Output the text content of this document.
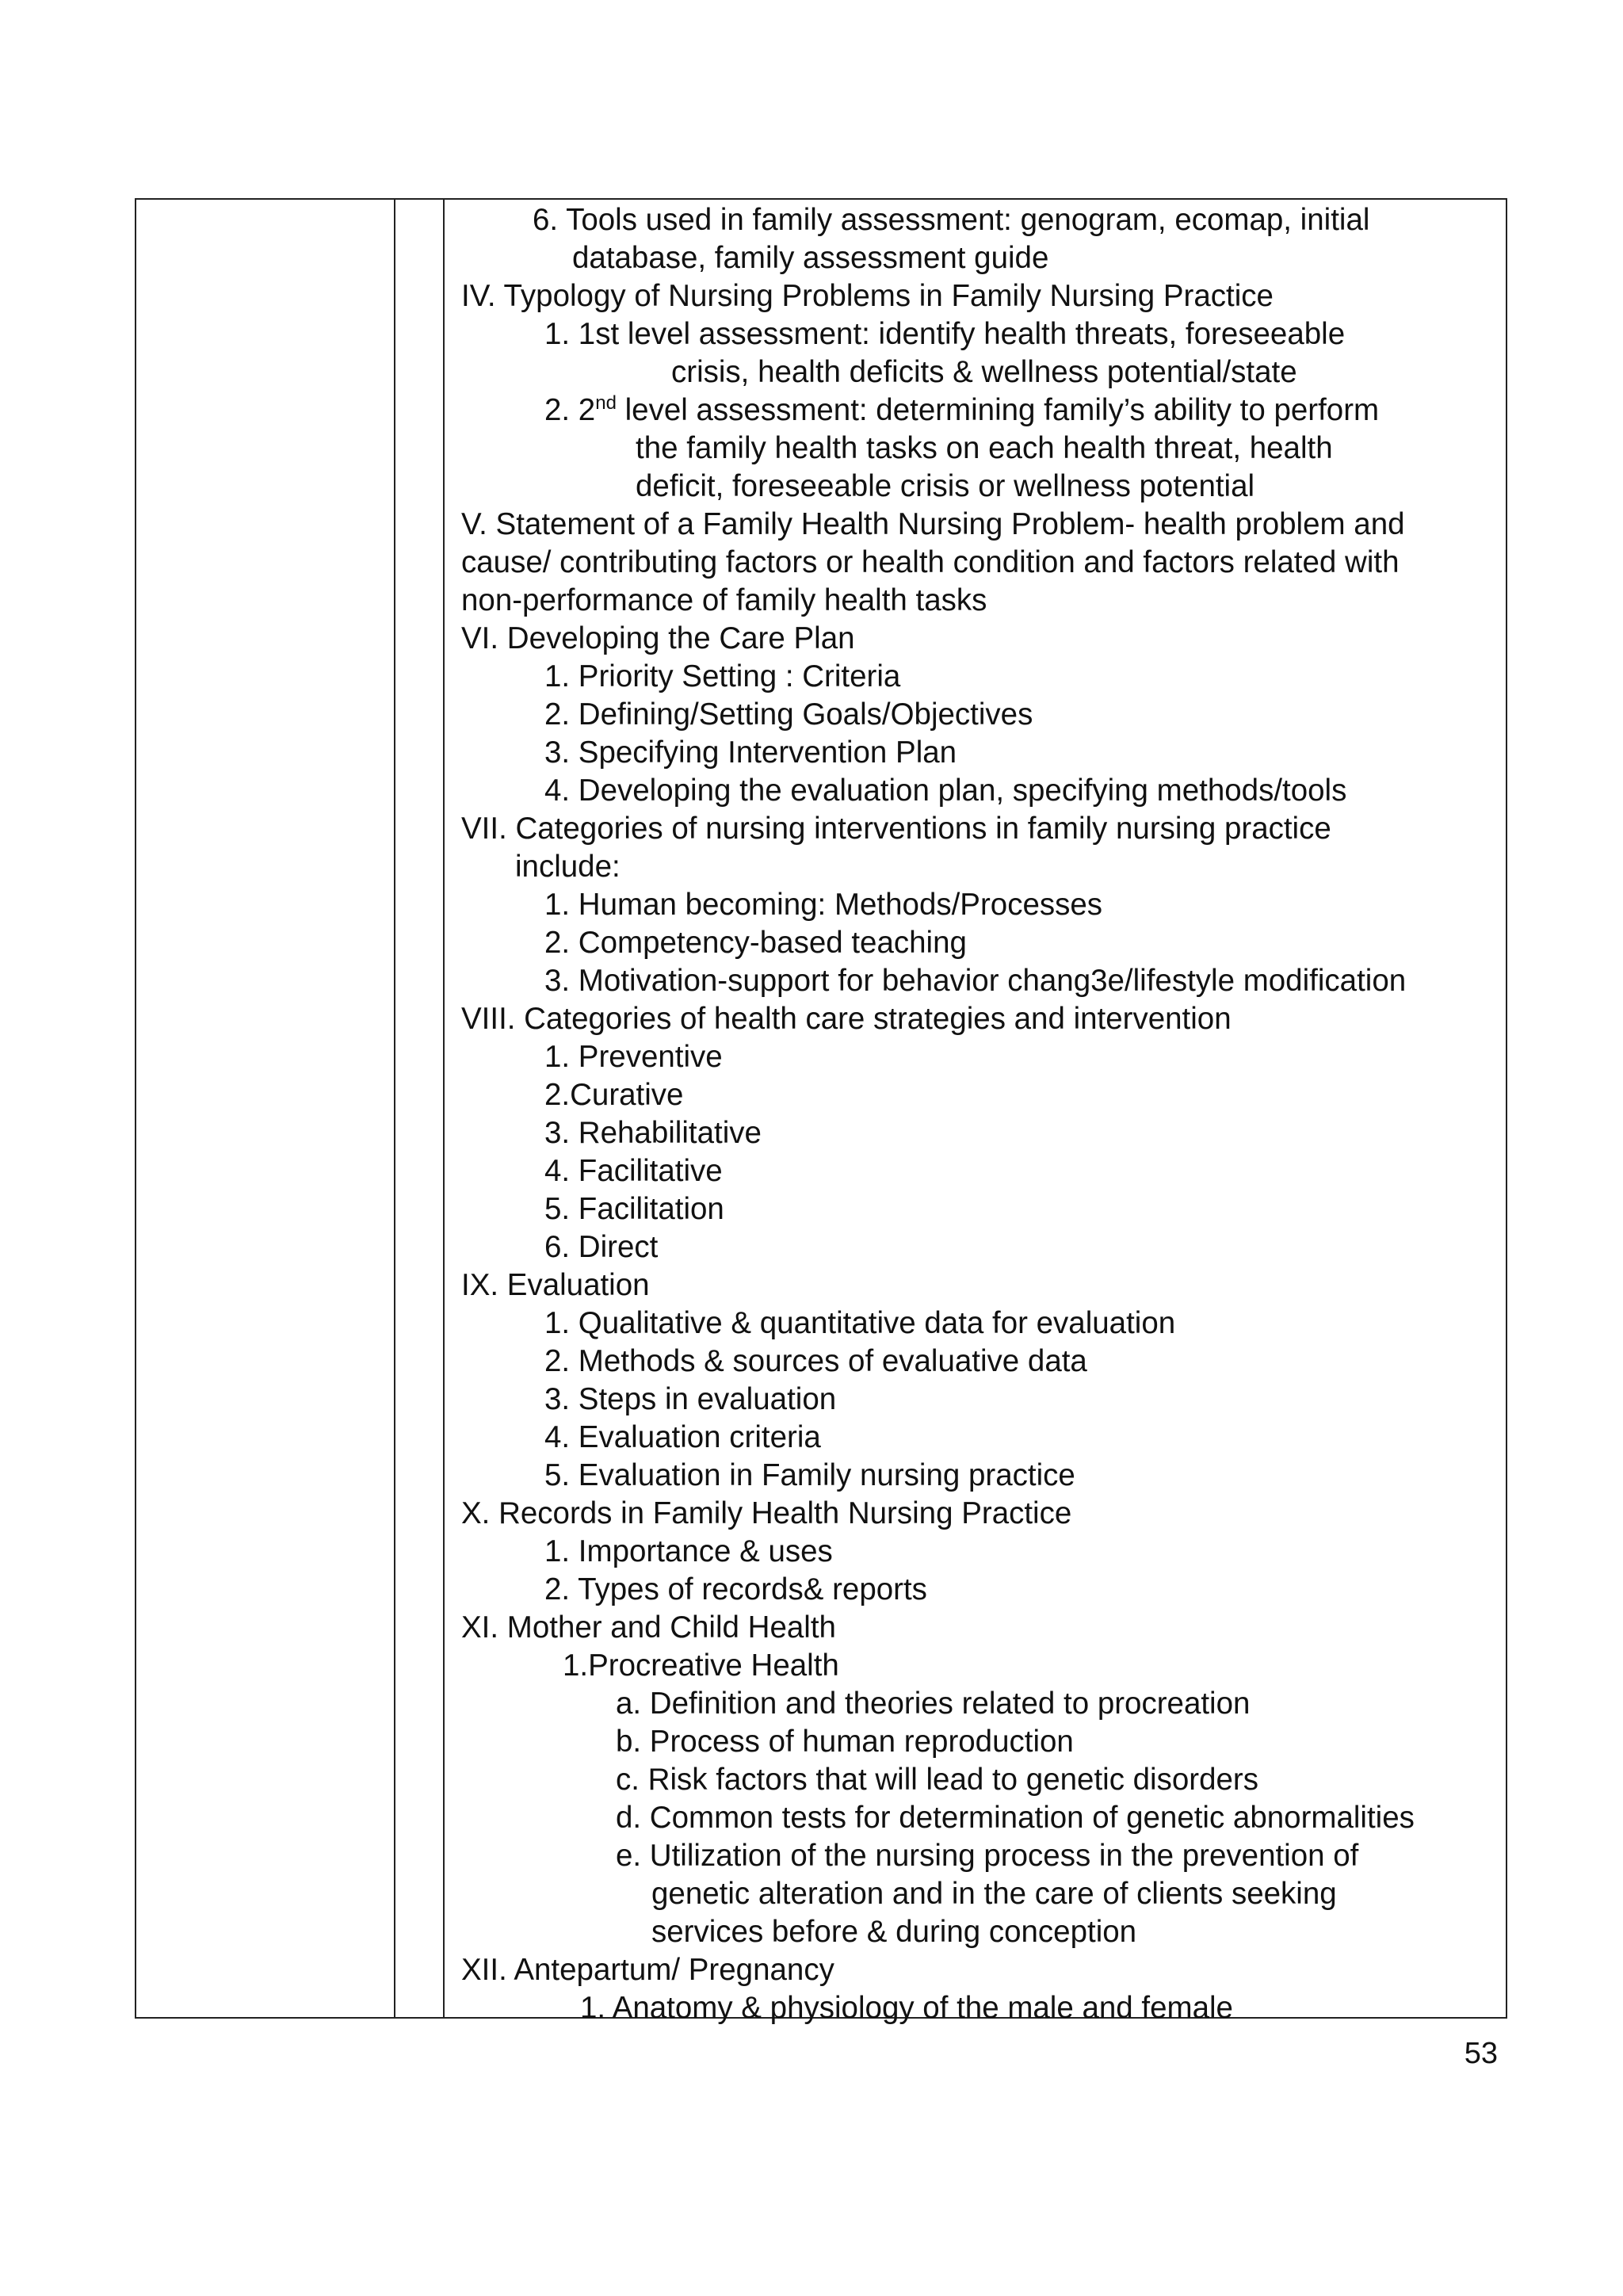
6. Tools used in family assessment: genogram, ecomap, initial
database, family assessment guide
IV. Typology of Nursing Problems in Family Nursing Practice
1. 1st level assessment: identify health threats, foreseeable
crisis, health deficits & wellness potential/state
2. 2nd level assessment: determining family’s ability to perform
the family health tasks on each health threat, health
deficit, foreseeable crisis or wellness potential
V. Statement of a Family Health Nursing Problem- health problem and
cause/ contributing factors or health condition and factors related with
non-performance of family health tasks
VI. Developing the Care Plan
1. Priority Setting : Criteria
2. Defining/Setting Goals/Objectives
3. Specifying Intervention Plan
4. Developing the evaluation plan, specifying methods/tools
VII. Categories of nursing interventions in family nursing practice
include:
1. Human becoming: Methods/Processes
2. Competency-based teaching
3. Motivation-support for behavior chang3e/lifestyle modification
VIII. Categories of health care strategies and intervention
1. Preventive
2.Curative
3. Rehabilitative
4. Facilitative
5. Facilitation
6. Direct
IX. Evaluation
1. Qualitative & quantitative data for evaluation
2. Methods & sources of evaluative data
3. Steps in evaluation
4. Evaluation criteria
5. Evaluation in Family nursing practice
X. Records in Family Health Nursing Practice
1. Importance & uses
2. Types of records& reports
XI. Mother and Child Health
1.Procreative Health
a. Definition and theories related to procreation
b. Process of human reproduction
c. Risk factors that will lead to genetic disorders
d. Common tests for determination of genetic abnormalities
e. Utilization of the nursing process in the prevention of
genetic alteration and in the care of clients seeking
services before & during conception
XII. Antepartum/ Pregnancy
1. Anatomy & physiology of the male and female
53
